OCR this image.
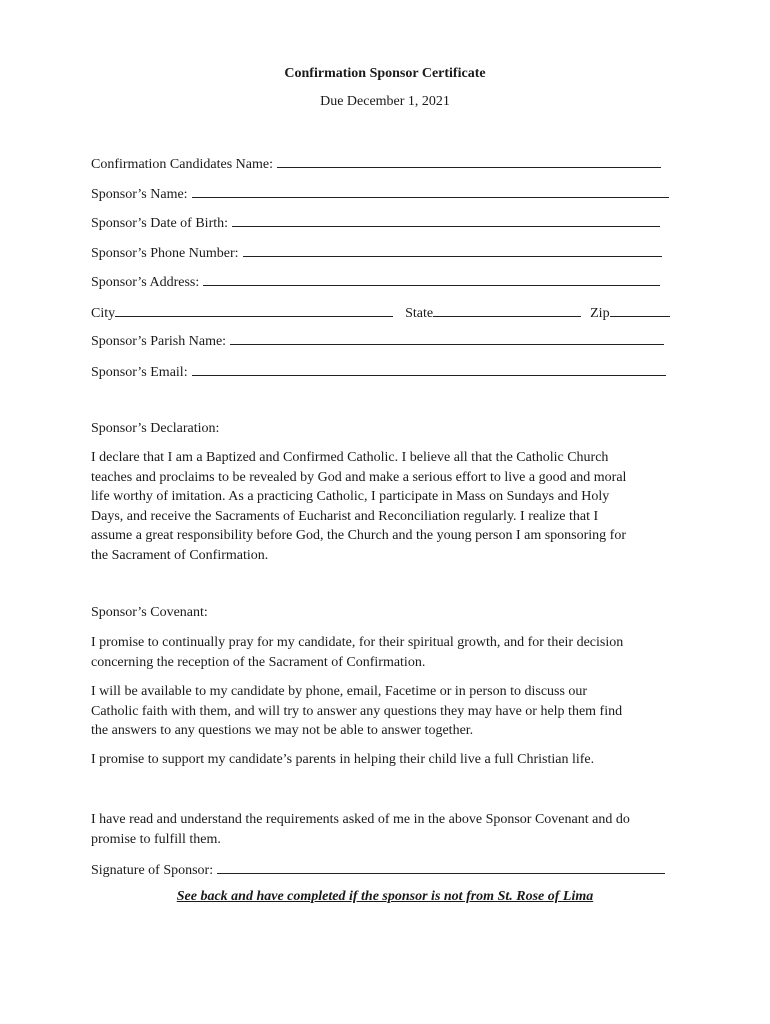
Confirmation Sponsor Certificate
Due December 1, 2021
Confirmation Candidates Name:
Sponsor’s Name:
Sponsor’s Date of Birth:
Sponsor’s Phone Number:
Sponsor’s Address:
City	State	Zip
Sponsor’s Parish Name:
Sponsor’s Email:
Sponsor’s Declaration:
I declare that I am a Baptized and Confirmed Catholic. I believe all that the Catholic Church
teaches and proclaims to be revealed by God and make a serious effort to live a good and moral
life worthy of imitation. As a practicing Catholic, I participate in Mass on Sundays and Holy
Days, and receive the Sacraments of Eucharist and Reconciliation regularly. I realize that I
assume a great responsibility before God, the Church and the young person I am sponsoring for
the Sacrament of Confirmation.
Sponsor’s Covenant:
I promise to continually pray for my candidate, for their spiritual growth, and for their decision
concerning the reception of the Sacrament of Confirmation.
I will be available to my candidate by phone, email, Facetime or in person to discuss our
Catholic faith with them, and will try to answer any questions they may have or help them find
the answers to any questions we may not be able to answer together.
I promise to support my candidate’s parents in helping their child live a full Christian life.
I have read and understand the requirements asked of me in the above Sponsor Covenant and do
promise to fulfill them.
Signature of Sponsor:
See back and have completed if the sponsor is not from St. Rose of Lima
